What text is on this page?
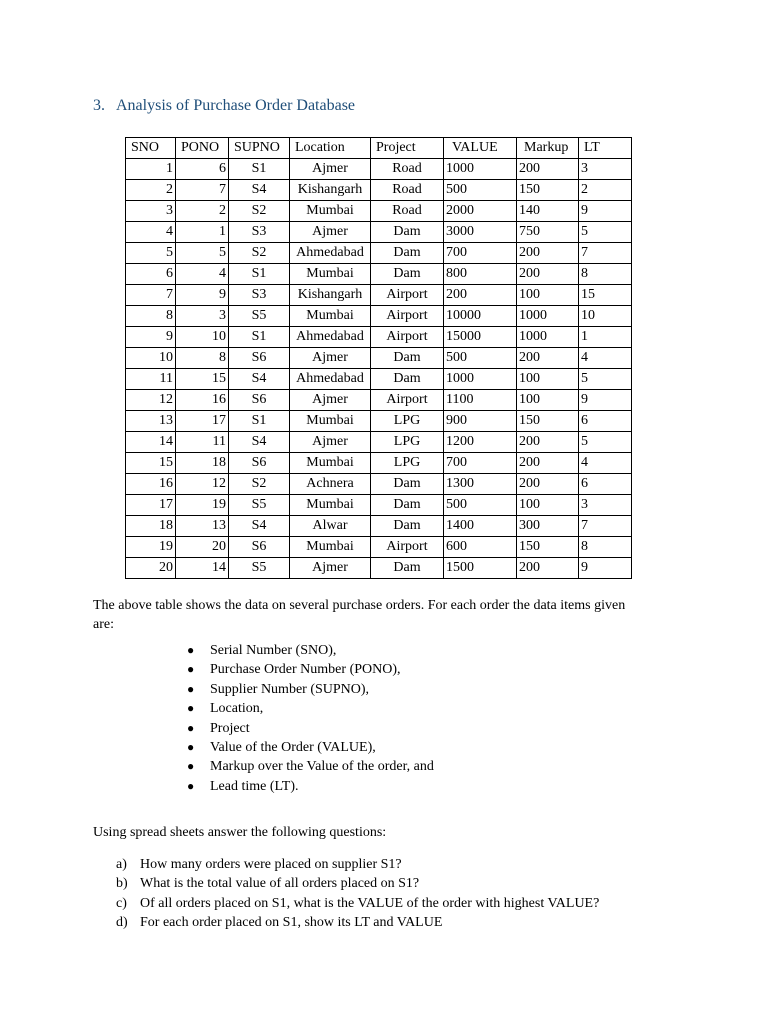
3. Analysis of Purchase Order Database
SNO	PONO	SUPNO	Location	Project	VALUE	Markup	LT
1	6	S1	Ajmer	Road	1000	200	3
2	7	S4	Kishangarh	Road	500	150	2
3	2	S2	Mumbai	Road	2000	140	9
4	1	S3	Ajmer	Dam	3000	750	5
5	5	S2	Ahmedabad	Dam	700	200	7
6	4	S1	Mumbai	Dam	800	200	8
7	9	S3	Kishangarh	Airport	200	100	15
8	3	S5	Mumbai	Airport	10000	1000	10
9	10	S1	Ahmedabad	Airport	15000	1000	1
10	8	S6	Ajmer	Dam	500	200	4
11	15	S4	Ahmedabad	Dam	1000	100	5
12	16	S6	Ajmer	Airport	1100	100	9
13	17	S1	Mumbai	LPG	900	150	6
14	11	S4	Ajmer	LPG	1200	200	5
15	18	S6	Mumbai	LPG	700	200	4
16	12	S2	Achnera	Dam	1300	200	6
17	19	S5	Mumbai	Dam	500	100	3
18	13	S4	Alwar	Dam	1400	300	7
19	20	S6	Mumbai	Airport	600	150	8
20	14	S5	Ajmer	Dam	1500	200	9
The above table shows the data on several purchase orders. For each order the data items given are:
● Serial Number (SNO),
● Purchase Order Number (PONO),
● Supplier Number (SUPNO),
● Location,
● Project
● Value of the Order (VALUE),
● Markup over the Value of the order, and
● Lead time (LT).
Using spread sheets answer the following questions:
a) How many orders were placed on supplier S1?
b) What is the total value of all orders placed on S1?
c) Of all orders placed on S1, what is the VALUE of the order with highest VALUE?
d) For each order placed on S1, show its LT and VALUE
